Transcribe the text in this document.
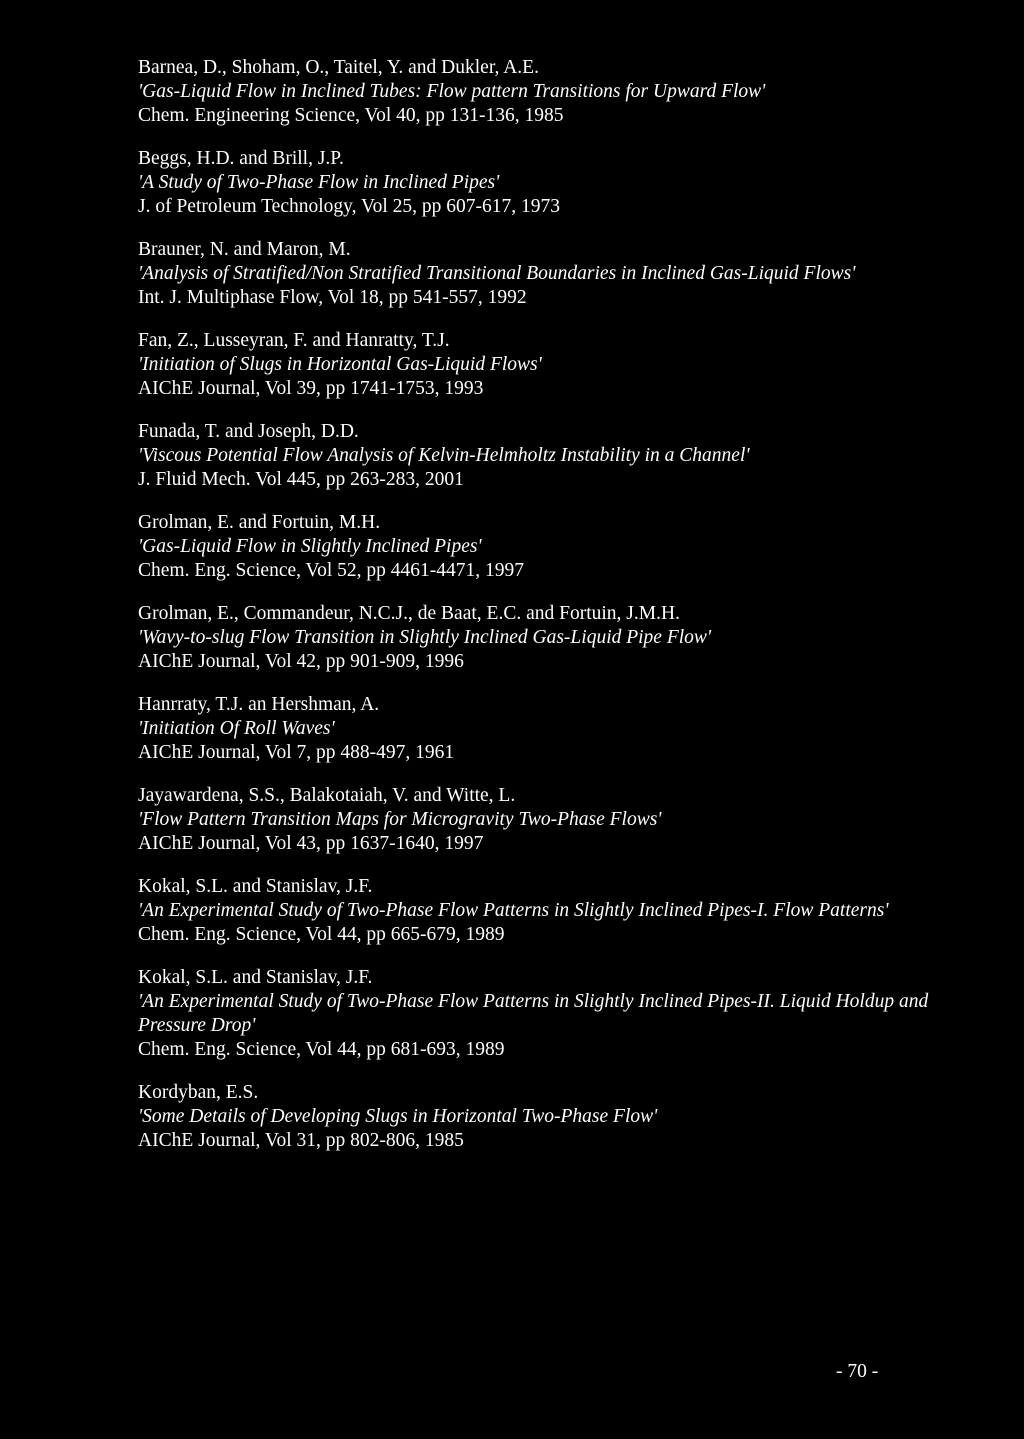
Barnea, D., Shoham, O., Taitel, Y. and Dukler, A.E.
'Gas-Liquid Flow in Inclined Tubes: Flow pattern Transitions for Upward Flow'
Chem. Engineering Science, Vol 40, pp 131-136, 1985
Beggs, H.D. and Brill, J.P.
'A Study of Two-Phase Flow in Inclined Pipes'
J. of Petroleum Technology, Vol 25, pp 607-617, 1973
Brauner, N. and Maron, M.
'Analysis of Stratified/Non Stratified Transitional Boundaries in Inclined Gas-Liquid Flows'
Int. J. Multiphase Flow, Vol 18, pp 541-557, 1992
Fan, Z., Lusseyran, F. and Hanratty, T.J.
'Initiation of Slugs in Horizontal Gas-Liquid Flows'
AIChE Journal, Vol 39, pp 1741-1753, 1993
Funada, T. and Joseph, D.D.
'Viscous Potential Flow Analysis of Kelvin-Helmholtz Instability in a Channel'
J. Fluid Mech. Vol 445, pp 263-283, 2001
Grolman, E. and Fortuin, M.H.
'Gas-Liquid Flow in Slightly Inclined Pipes'
Chem. Eng. Science, Vol 52, pp 4461-4471, 1997
Grolman, E., Commandeur, N.C.J., de Baat, E.C. and Fortuin, J.M.H.
'Wavy-to-slug Flow Transition in Slightly Inclined Gas-Liquid Pipe Flow'
AIChE Journal, Vol 42, pp 901-909, 1996
Hanrraty, T.J. an Hershman, A.
'Initiation Of Roll Waves'
AIChE Journal, Vol 7, pp 488-497, 1961
Jayawardena, S.S., Balakotaiah, V. and Witte, L.
'Flow Pattern Transition Maps for Microgravity Two-Phase Flows'
AIChE Journal, Vol 43, pp 1637-1640, 1997
Kokal, S.L. and Stanislav, J.F.
'An Experimental Study of Two-Phase Flow Patterns in Slightly Inclined Pipes-I. Flow Patterns'
Chem. Eng. Science, Vol 44, pp 665-679, 1989
Kokal, S.L. and Stanislav, J.F.
'An Experimental Study of Two-Phase Flow Patterns in Slightly Inclined Pipes-II. Liquid Holdup and Pressure Drop'
Chem. Eng. Science, Vol 44, pp 681-693, 1989
Kordyban, E.S.
'Some Details of Developing Slugs in Horizontal Two-Phase Flow'
AIChE Journal, Vol 31, pp 802-806, 1985
- 70 -
